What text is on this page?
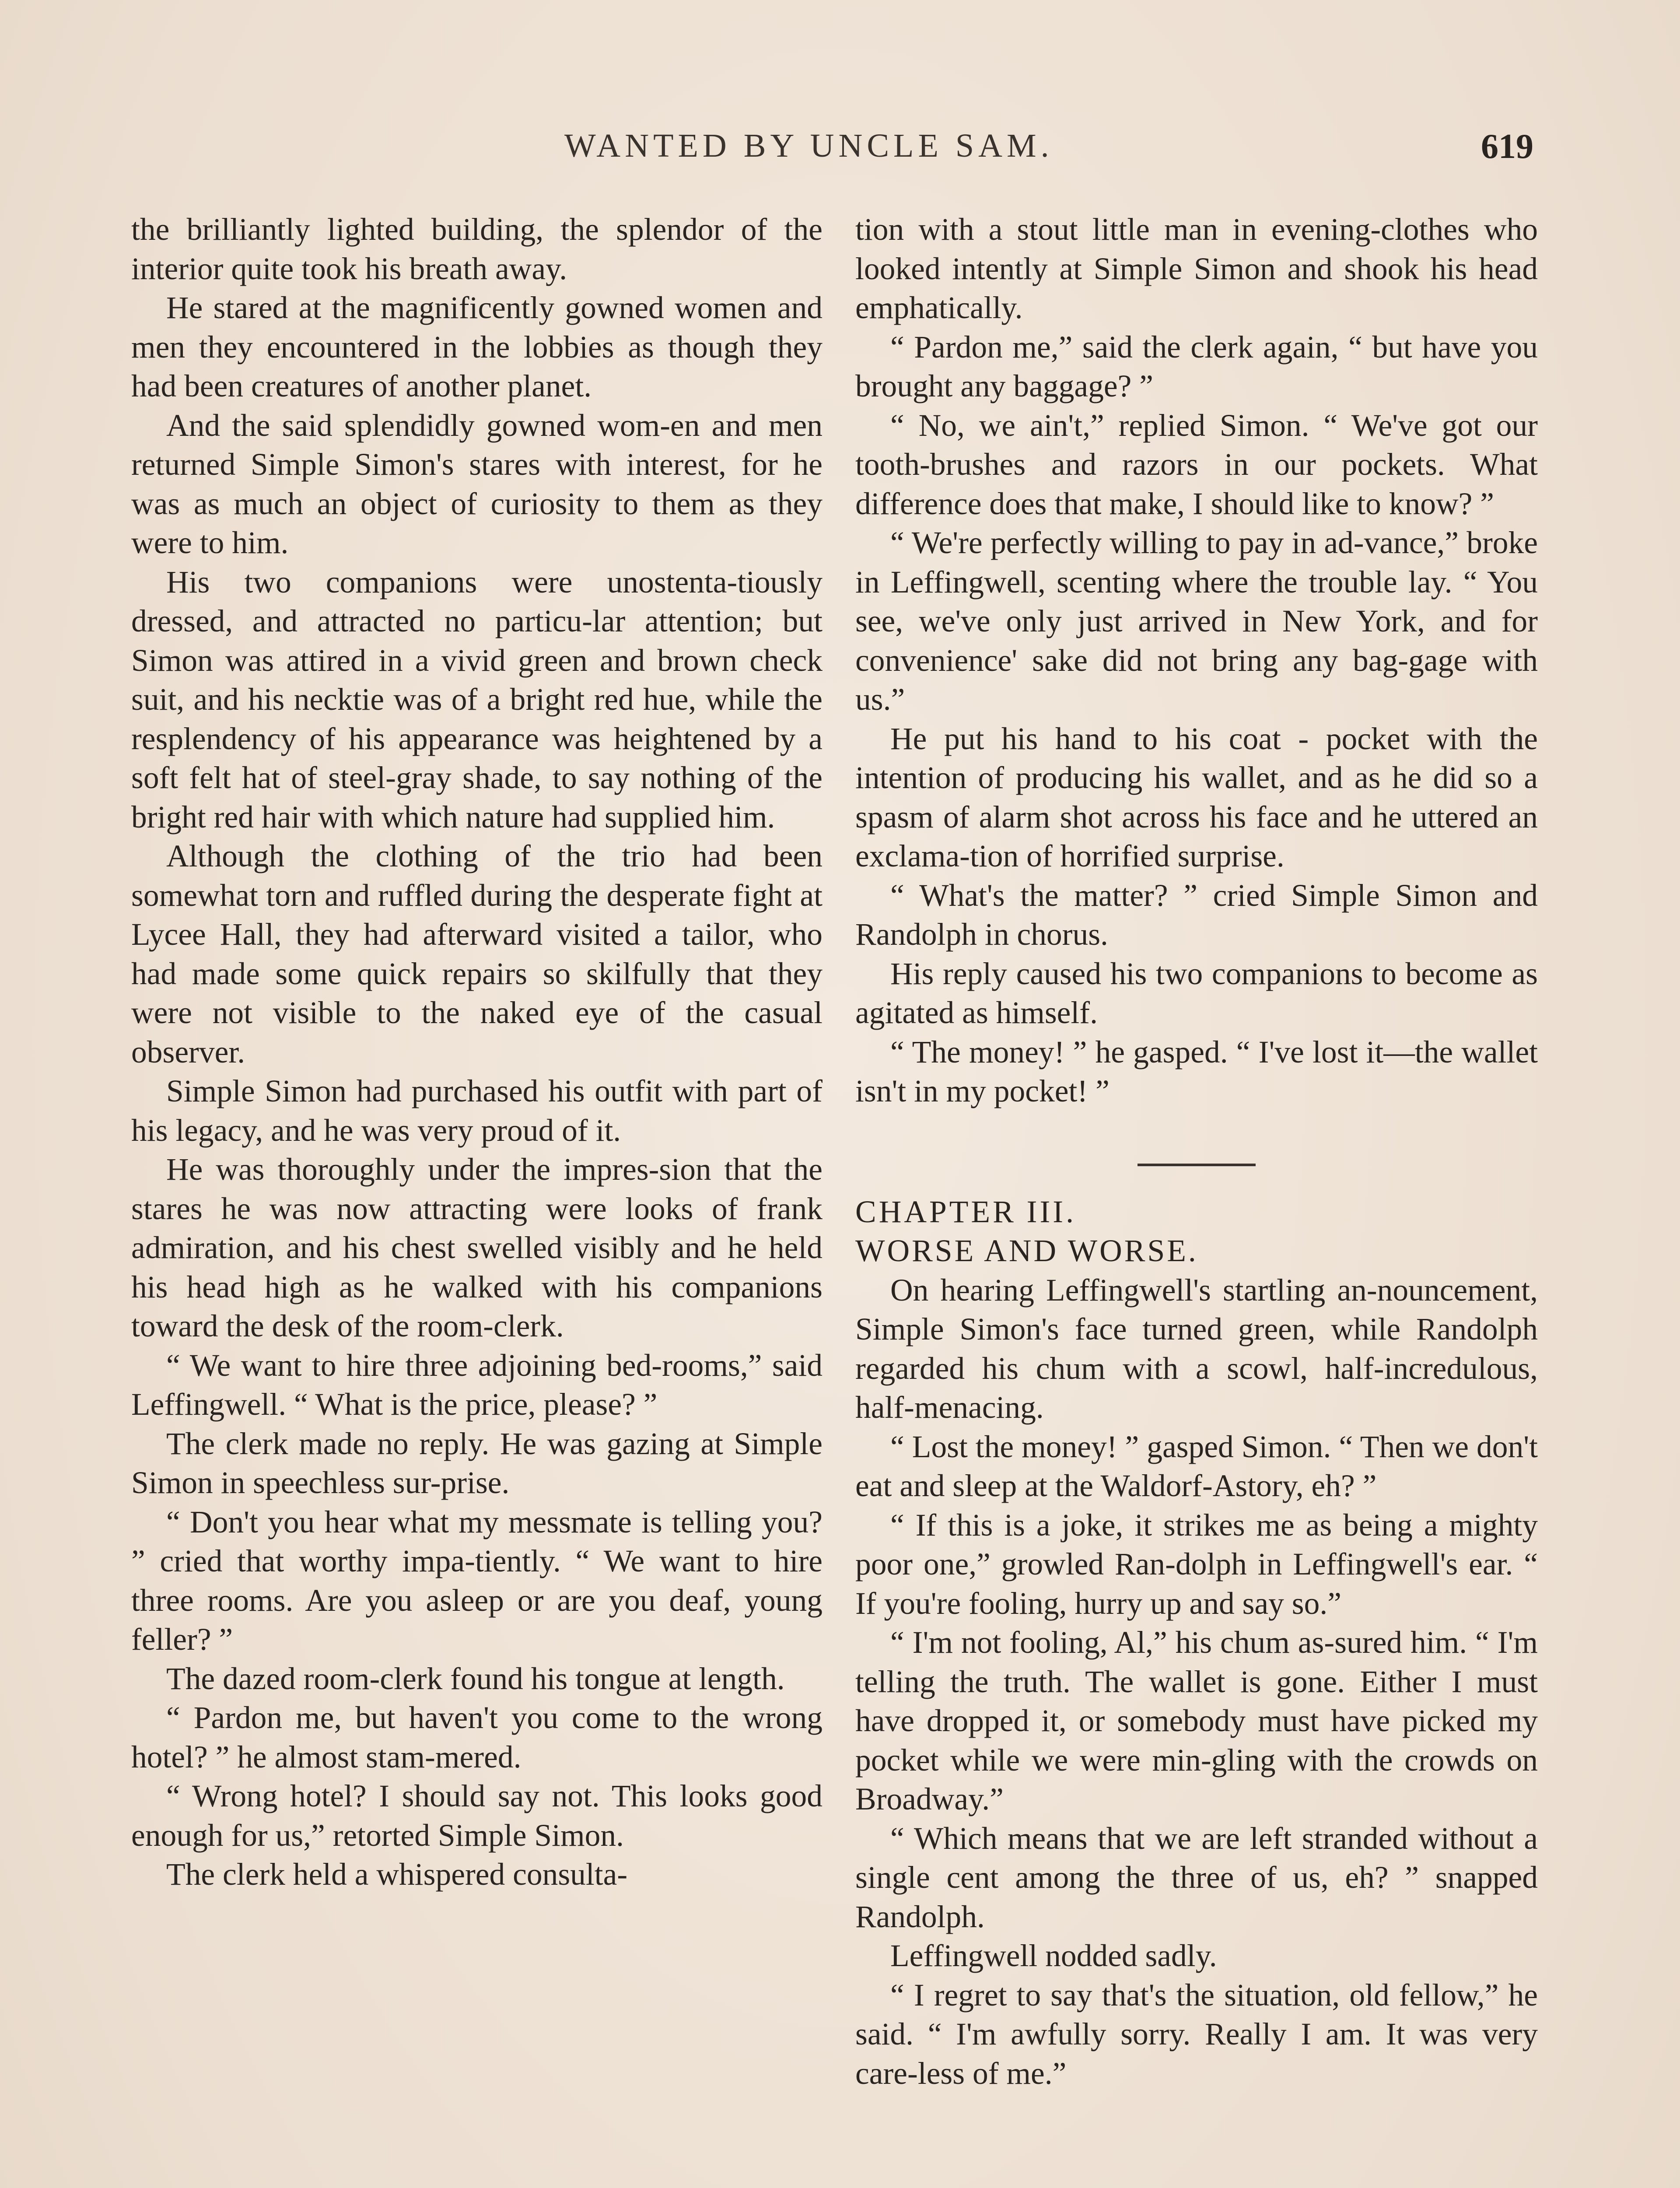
WANTED BY UNCLE SAM.	619

the brilliantly lighted building, the splendor of the interior quite took his breath away.

He stared at the magnificently gowned women and men they encountered in the lobbies as though they had been creatures of another planet.

And the said splendidly gowned wom-en and men returned Simple Simon's stares with interest, for he was as much an object of curiosity to them as they were to him.

His two companions were unostenta-tiously dressed, and attracted no particu-lar attention; but Simon was attired in a vivid green and brown check suit, and his necktie was of a bright red hue, while the resplendency of his appearance was heightened by a soft felt hat of steel-gray shade, to say nothing of the bright red hair with which nature had supplied him.

Although the clothing of the trio had been somewhat torn and ruffled during the desperate fight at Lycee Hall, they had afterward visited a tailor, who had made some quick repairs so skilfully that they were not visible to the naked eye of the casual observer.

Simple Simon had purchased his outfit with part of his legacy, and he was very proud of it.

He was thoroughly under the impres-sion that the stares he was now attracting were looks of frank admiration, and his chest swelled visibly and he held his head high as he walked with his companions toward the desk of the room-clerk.

“ We want to hire three adjoining bed-rooms,” said Leffingwell. “ What is the price, please? ”

The clerk made no reply. He was gazing at Simple Simon in speechless sur-prise.

“ Don't you hear what my messmate is telling you? ” cried that worthy impa-tiently. “ We want to hire three rooms. Are you asleep or are you deaf, young feller? ”

The dazed room-clerk found his tongue at length.

“ Pardon me, but haven't you come to the wrong hotel? ” he almost stam-mered.

“ Wrong hotel? I should say not. This looks good enough for us,” retorted Simple Simon.

The clerk held a whispered consulta-

tion with a stout little man in evening-clothes who looked intently at Simple Simon and shook his head emphatically.

“ Pardon me,” said the clerk again, “ but have you brought any baggage? ”

“ No, we ain't,” replied Simon. “ We've got our tooth-brushes and razors in our pockets. What difference does that make, I should like to know? ”

“ We're perfectly willing to pay in ad-vance,” broke in Leffingwell, scenting where the trouble lay. “ You see, we've only just arrived in New York, and for convenience' sake did not bring any bag-gage with us.”

He put his hand to his coat - pocket with the intention of producing his wallet, and as he did so a spasm of alarm shot across his face and he uttered an exclama-tion of horrified surprise.

“ What's the matter? ” cried Simple Simon and Randolph in chorus.

His reply caused his two companions to become as agitated as himself.

“ The money! ” he gasped. “ I've lost it—the wallet isn't in my pocket! ”

CHAPTER III.

WORSE AND WORSE.

On hearing Leffingwell's startling an-nouncement, Simple Simon's face turned green, while Randolph regarded his chum with a scowl, half-incredulous, half-menacing.

“ Lost the money! ” gasped Simon. “ Then we don't eat and sleep at the Waldorf-Astory, eh? ”

“ If this is a joke, it strikes me as being a mighty poor one,” growled Ran-dolph in Leffingwell's ear. “ If you're fooling, hurry up and say so.”

“ I'm not fooling, Al,” his chum as-sured him. “ I'm telling the truth. The wallet is gone. Either I must have dropped it, or somebody must have picked my pocket while we were min-gling with the crowds on Broadway.”

“ Which means that we are left stranded without a single cent among the three of us, eh? ” snapped Randolph.

Leffingwell nodded sadly.

“ I regret to say that's the situation, old fellow,” he said. “ I'm awfully sorry. Really I am. It was very care-less of me.”
